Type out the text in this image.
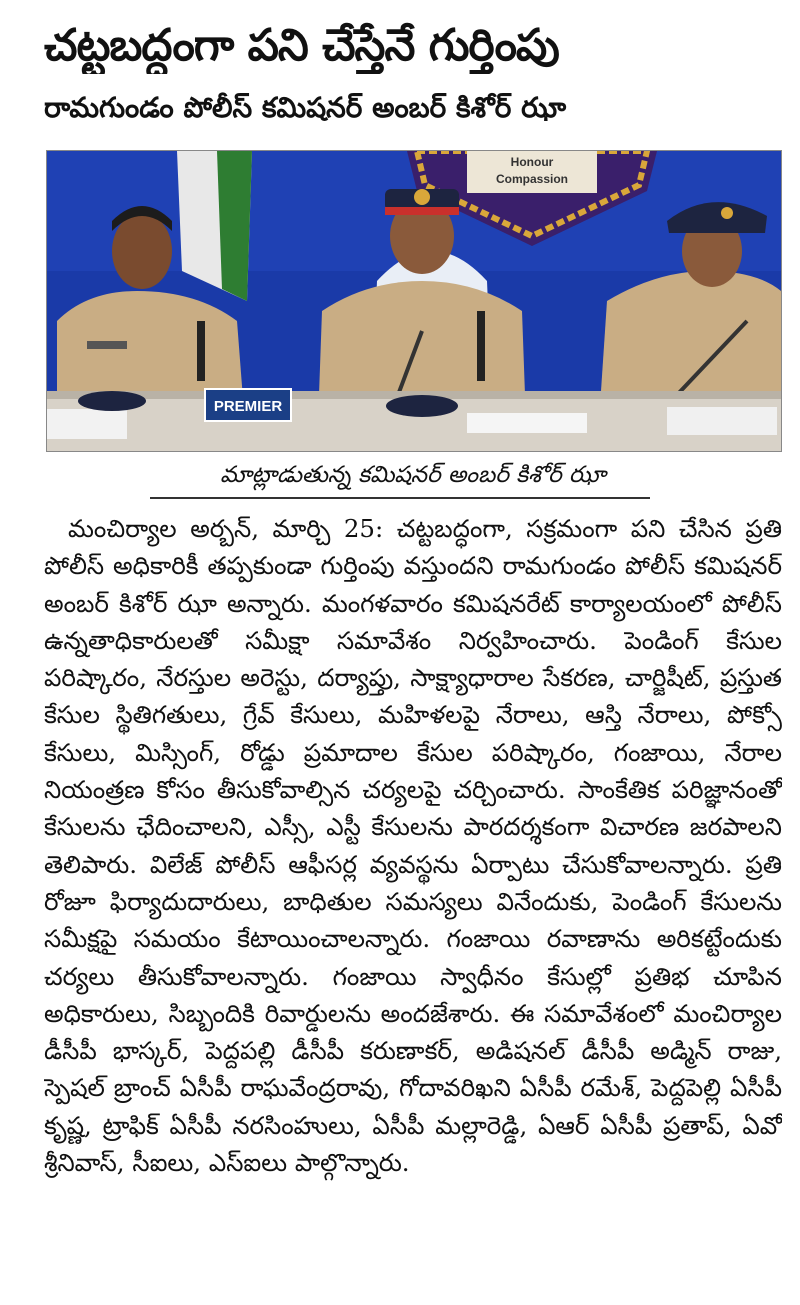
చట్టబద్ధంగా పని చేస్తేనే గుర్తింపు
రామగుండం పోలీస్ కమిషనర్ అంబర్ కిశోర్ ఝా
Honour
Compassion
PREMIER
మాట్లాడుతున్న కమిషనర్ అంబర్ కిశోర్ ఝా

మంచిర్యాల అర్బన్, మార్చి 25: చట్టబద్ధంగా, సక్రమంగా పని చేసిన ప్రతి పోలీస్ అధికారికీ తప్పకుండా గుర్తింపు వస్తుందని రామగుండం పోలీస్ కమిషనర్ అంబర్ కిశోర్ ఝా అన్నారు. మంగళవారం కమిషనరేట్ కార్యాలయంలో పోలీస్ ఉన్నతాధికారులతో సమీక్షా సమావేశం నిర్వహించారు. పెండింగ్ కేసుల పరిష్కారం, నేరస్తుల అరెస్టు, దర్యాప్తు, సాక్ష్యాధారాల సేకరణ, చార్జిషీట్, ప్రస్తుత కేసుల స్థితిగతులు, గ్రేవ్ కేసులు, మహిళలపై నేరాలు, ఆస్తి నేరాలు, పోక్సో కేసులు, మిస్సింగ్, రోడ్డు ప్రమాదాల కేసుల పరిష్కారం, గంజాయి, నేరాల నియంత్రణ కోసం తీసుకోవాల్సిన చర్యలపై చర్చించారు. సాంకేతిక పరిజ్ఞానంతో కేసులను ఛేదించాలని, ఎస్సీ, ఎస్టీ కేసులను పారదర్శకంగా విచారణ జరపాలని తెలిపారు. విలేజ్ పోలీస్ ఆఫీసర్ల వ్యవస్థను ఏర్పాటు చేసుకోవాలన్నారు. ప్రతి రోజూ ఫిర్యాదుదారులు, బాధితుల సమస్యలు వినేందుకు, పెండింగ్ కేసులను సమీక్షపై సమయం కేటాయించాలన్నారు. గంజాయి రవాణాను అరికట్టేందుకు చర్యలు తీసుకోవాలన్నారు. గంజాయి స్వాధీనం కేసుల్లో ప్రతిభ చూపిన అధికారులు, సిబ్బందికి రివార్డులను అందజేశారు. ఈ సమావేశంలో మంచిర్యాల డీసీపీ భాస్కర్, పెద్దపల్లి డీసీపీ కరుణాకర్, అడిషనల్ డీసీపీ అడ్మిన్ రాజు, స్పెషల్ బ్రాంచ్ ఏసీపీ రాఘవేంద్రరావు, గోదావరిఖని ఏసీపీ రమేశ్, పెద్దపెల్లి ఏసీపీ కృష్ణ, ట్రాఫిక్ ఏసీపీ నరసింహులు, ఏసీపీ మల్లారెడ్డి, ఏఆర్ ఏసీపీ ప్రతాప్, ఏవో శ్రీనివాస్, సీఐలు, ఎస్ఐలు పాల్గొన్నారు.
